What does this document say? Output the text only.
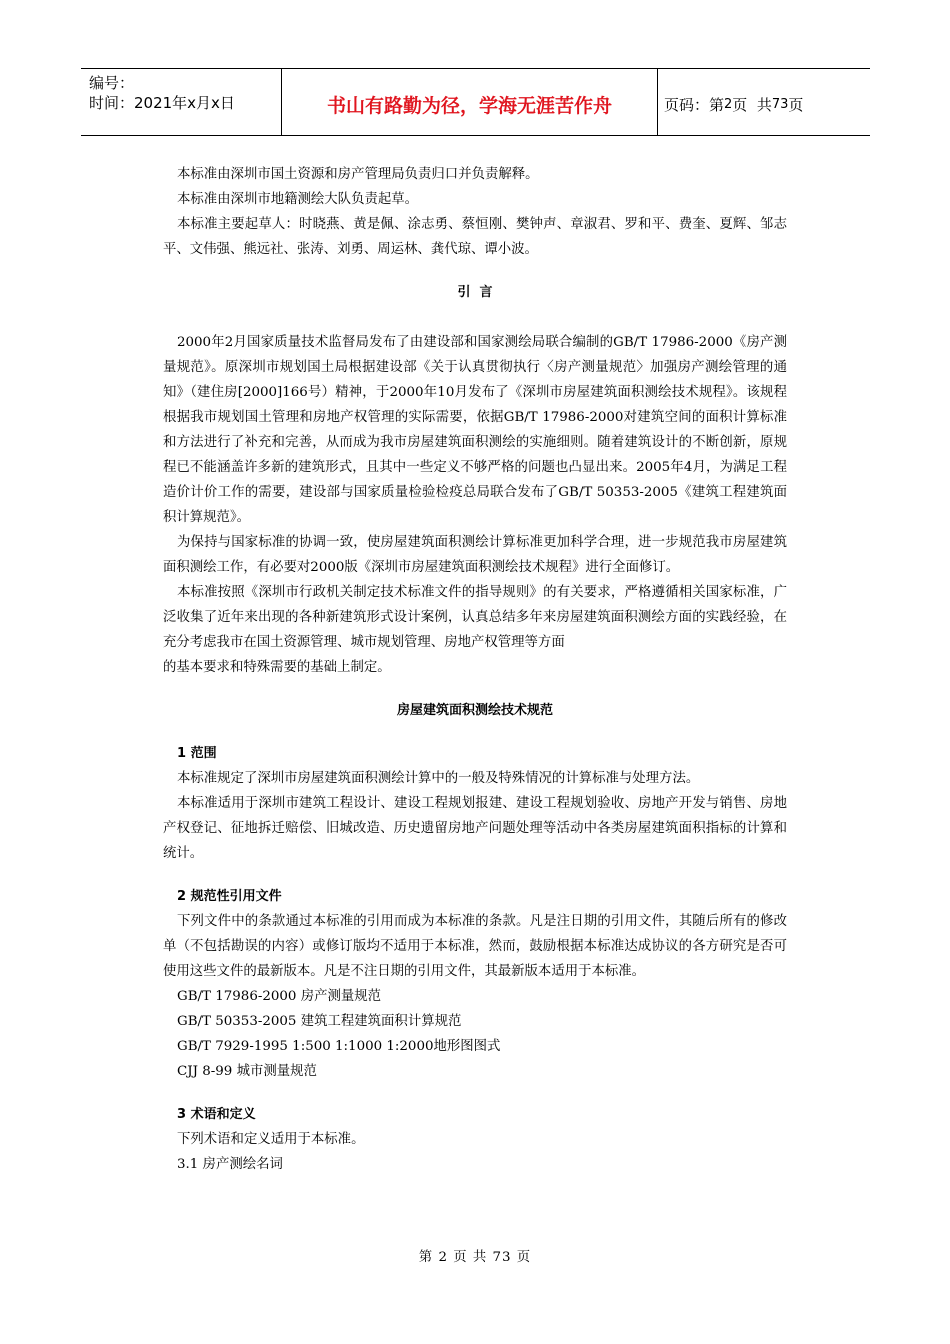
编号：
时间：2021年x月x日	书山有路勤为径，学海无涯苦作舟	页码：第 2 页  共 73 页

本标准由深圳市国土资源和房产管理局负责归口并负责解释。

本标准由深圳市地籍测绘大队负责起草。

本标准主要起草人：时晓燕、黄是佩、涂志勇、蔡恒刚、樊钟声、章淑君、罗和平、费奎、夏辉、邹志平、文伟强、熊远社、张涛、刘勇、周运林、龚代琼、谭小波。

引  言

2000年2月国家质量技术监督局发布了由建设部和国家测绘局联合编制的GB/T 17986-2000《房产测量规范》。原深圳市规划国土局根据建设部《关于认真贯彻执行〈房产测量规范〉加强房产测绘管理的通知》（建住房[2000]166号）精神，于2000年10月发布了《深圳市房屋建筑面积测绘技术规程》。该规程根据我市规划国土管理和房地产权管理的实际需要，依据GB/T 17986-2000对建筑空间的面积计算标准和方法进行了补充和完善，从而成为我市房屋建筑面积测绘的实施细则。随着建筑设计的不断创新，原规程已不能涵盖许多新的建筑形式，且其中一些定义不够严格的问题也凸显出来。2005年4月，为满足工程造价计价工作的需要，建设部与国家质量检验检疫总局联合发布了GB/T 50353-2005《建筑工程建筑面积计算规范》。

为保持与国家标准的协调一致，使房屋建筑面积测绘计算标准更加科学合理，进一步规范我市房屋建筑面积测绘工作，有必要对2000版《深圳市房屋建筑面积测绘技术规程》进行全面修订。

本标准按照《深圳市行政机关制定技术标准文件的指导规则》的有关要求，严格遵循相关国家标准，广泛收集了近年来出现的各种新建筑形式设计案例，认真总结多年来房屋建筑面积测绘方面的实践经验，在充分考虑我市在国土资源管理、城市规划管理、房地产权管理等方面

的基本要求和特殊需要的基础上制定。

房屋建筑面积测绘技术规范

1 范围

本标准规定了深圳市房屋建筑面积测绘计算中的一般及特殊情况的计算标准与处理方法。

本标准适用于深圳市建筑工程设计、建设工程规划报建、建设工程规划验收、房地产开发与销售、房地产权登记、征地拆迁赔偿、旧城改造、历史遗留房地产问题处理等活动中各类房屋建筑面积指标的计算和统计。

2 规范性引用文件

下列文件中的条款通过本标准的引用而成为本标准的条款。凡是注日期的引用文件，其随后所有的修改单（不包括勘误的内容）或修订版均不适用于本标准，然而，鼓励根据本标准达成协议的各方研究是否可使用这些文件的最新版本。凡是不注日期的引用文件，其最新版本适用于本标准。

GB/T 17986-2000 房产测量规范

GB/T 50353-2005 建筑工程建筑面积计算规范

GB/T 7929-1995 1:500 1:1000 1:2000地形图图式

CJJ 8-99 城市测量规范

3 术语和定义

下列术语和定义适用于本标准。

3.1 房产测绘名词

第 2 页 共 73 页
